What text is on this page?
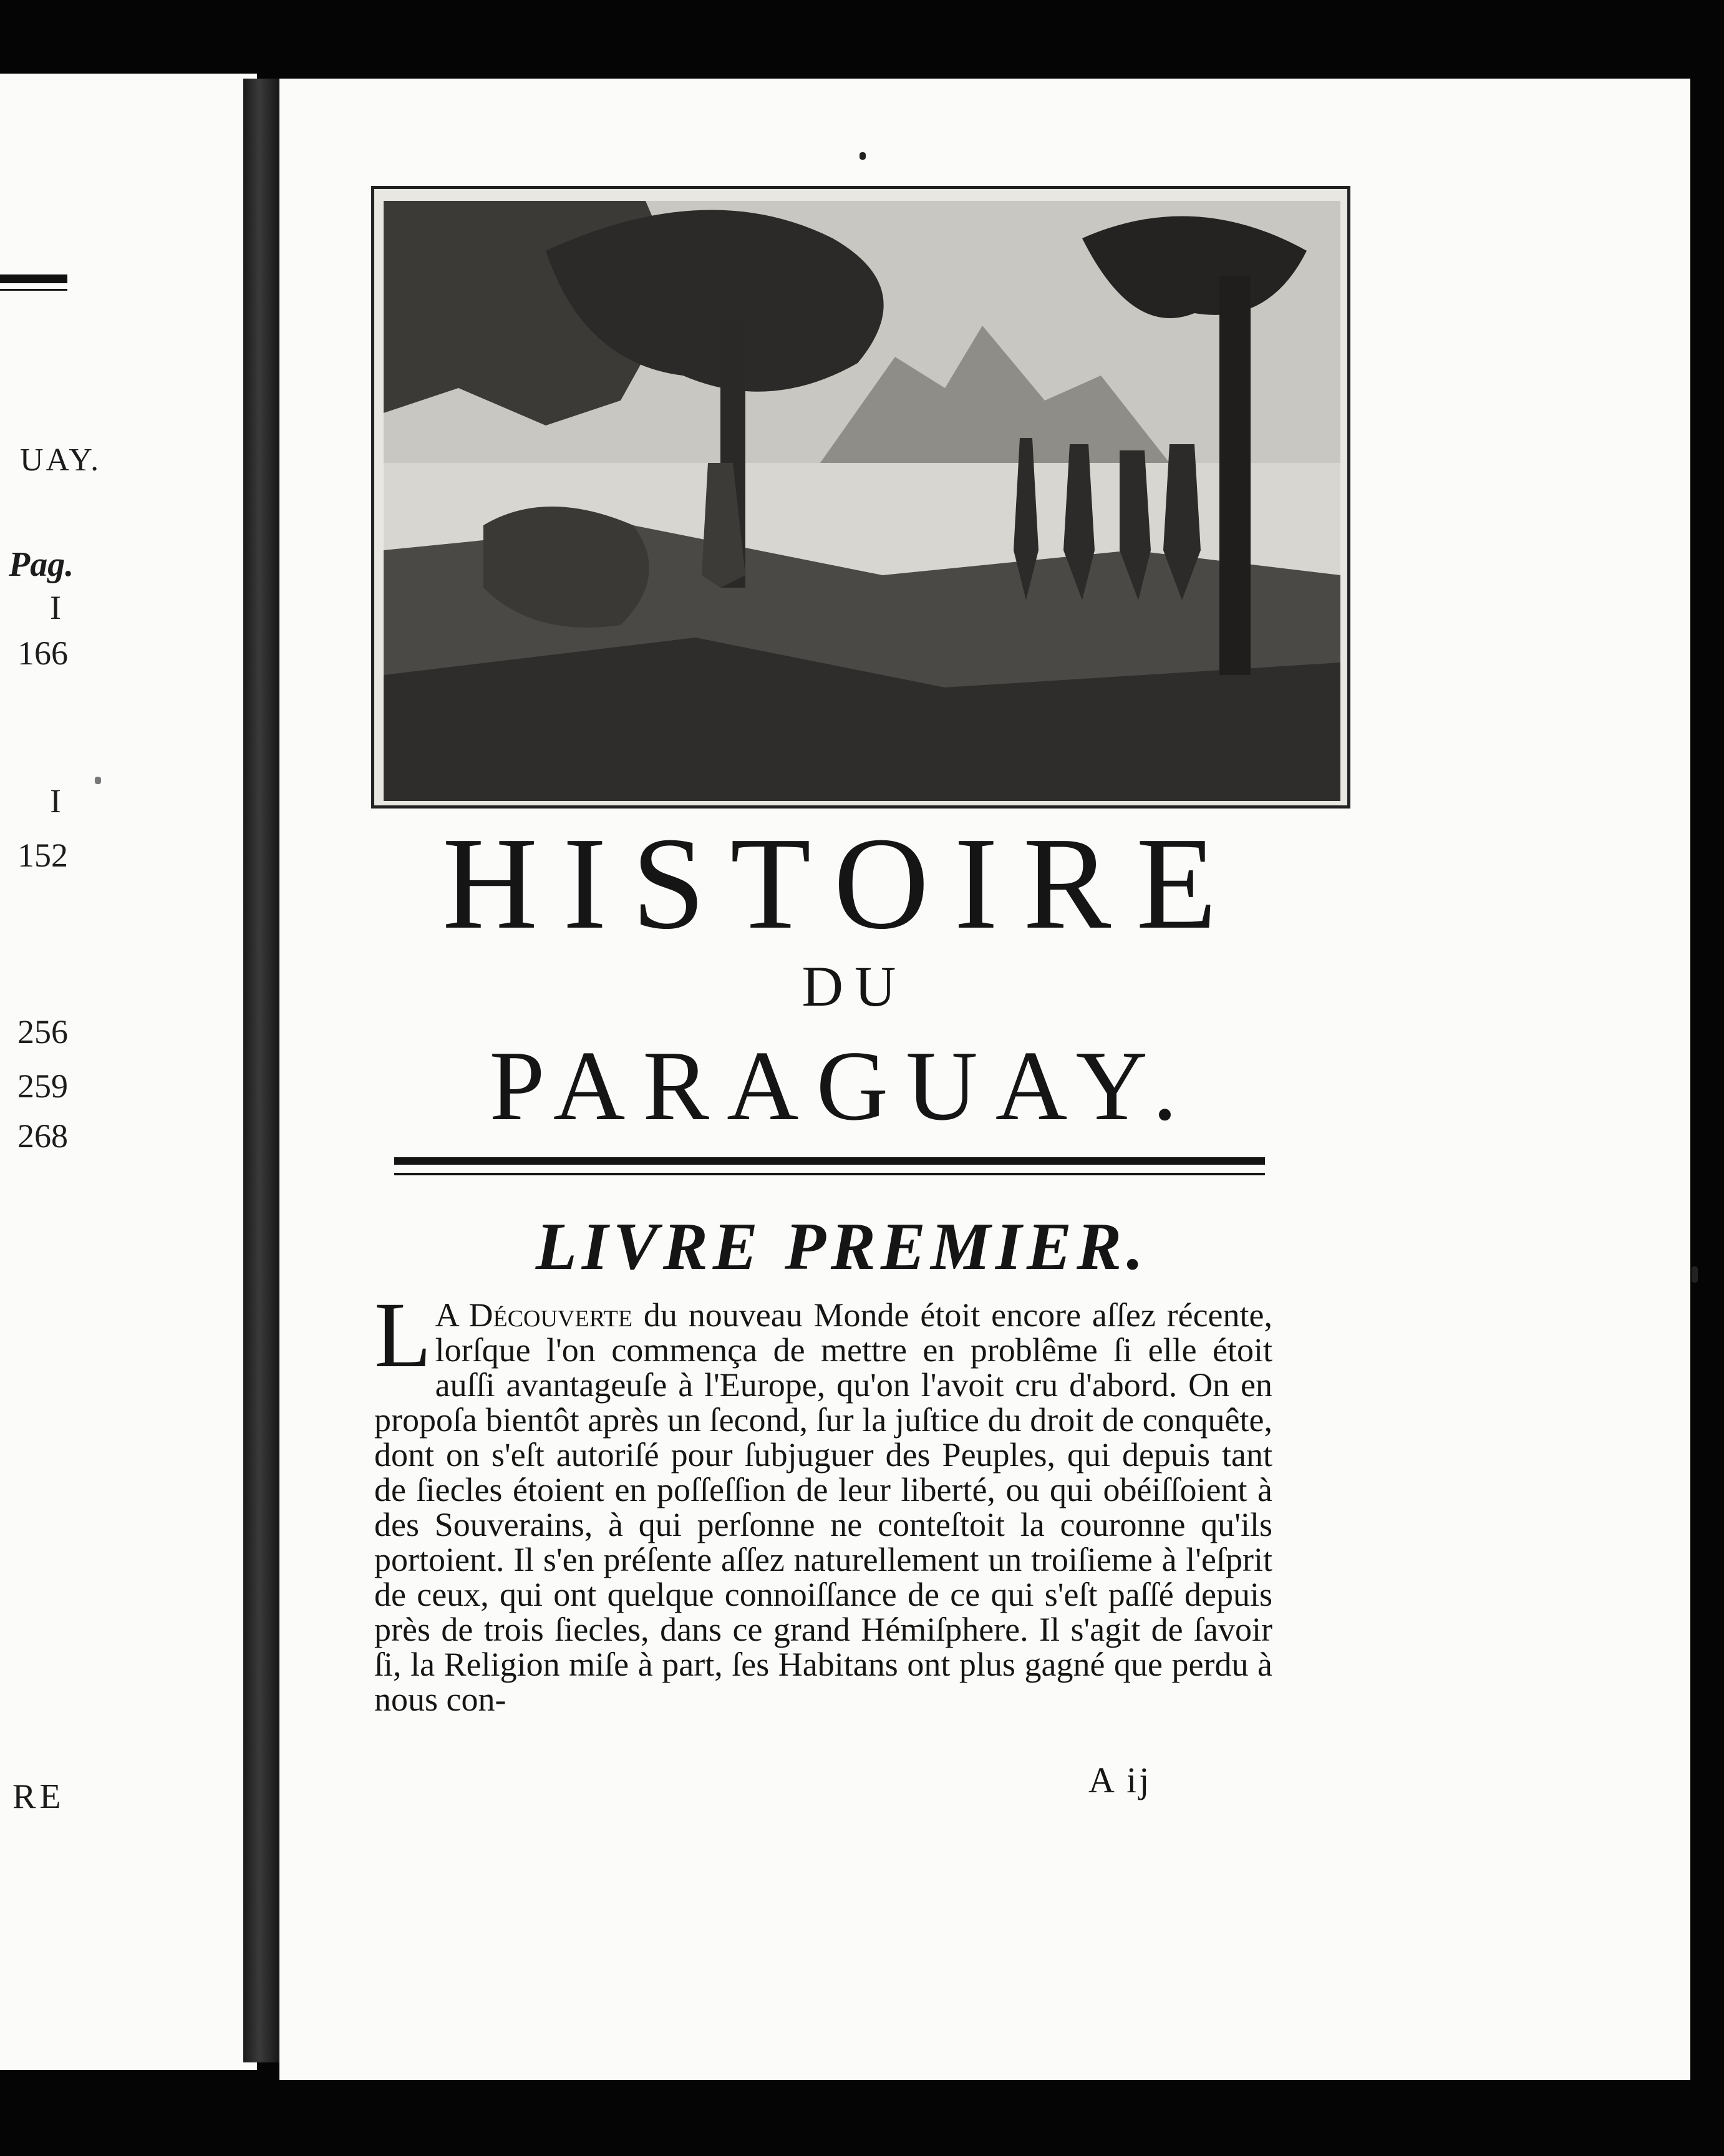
UAY.
Pag.
I
166
I
152
256
259
268
RE
HISTOIRE
DU
PARAGUAY.
LIVRE PREMIER.

L A Découverte du nouveau Monde étoit encore aſſez récente, lorſque l'on commença de mettre en problême ſi elle étoit auſſi avantageuſe à l'Europe, qu'on l'avoit cru d'abord. On en propoſa bientôt après un ſecond, ſur la juſtice du droit de conquête, dont on s'eſt autoriſé pour ſubjuguer des Peuples, qui depuis tant de ſiecles étoient en poſſeſſion de leur liberté, ou qui obéiſſoient à des Souverains, à qui perſonne ne conteſtoit la couronne qu'ils portoient. Il s'en préſente aſſez naturellement un troiſieme à l'eſprit de ceux, qui ont quelque connoiſſance de ce qui s'eſt paſſé depuis près de trois ſiecles, dans ce grand Hémiſphere. Il s'agit de ſavoir ſi, la Religion miſe à part, ſes Habitans ont plus gagné que perdu à nous con-

A ij
